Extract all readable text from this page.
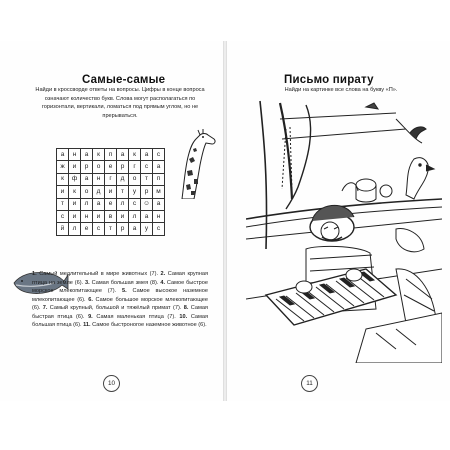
Самые-самые
Найди в кроссворде ответы на вопросы. Цифры в конце вопроса означают количество букв. Слова могут располагаться по горизонтали, вертикали, ломаться под прямым углом, но не прерываться.
а	н	а	к	п	а	к	а	с
ж	и	р	о	е	р	г	с	а
к	ф	а	н	г	д	о	т	п
и	к	о	д	и	т	у	р	м
т	и	л	а	е	л	с	☺	а
с	и	н	и	в	и	л	а	н
й	л	е	с	т	р	а	у	с
1. Самый медлительный в мире животных (7). 2. Самая крупная птица на земле (6). 3. Самая большая змея (8). 4. Самое быстрое морское млекопитающее (7). 5. Самое высокое наземное млекопитающее (6). 6. Самое большое морское млекопитающее (6). 7. Самый крупный, большой и тяжёлый примат (7). 8. Самая быстрая птица (6). 9. Самая маленькая птица (7). 10. Самая большая птица (6). 11. Самое быстроногое наземное животное (6).
10
Письмо пирату
Найди на картинке все слова на букву «П».
11
